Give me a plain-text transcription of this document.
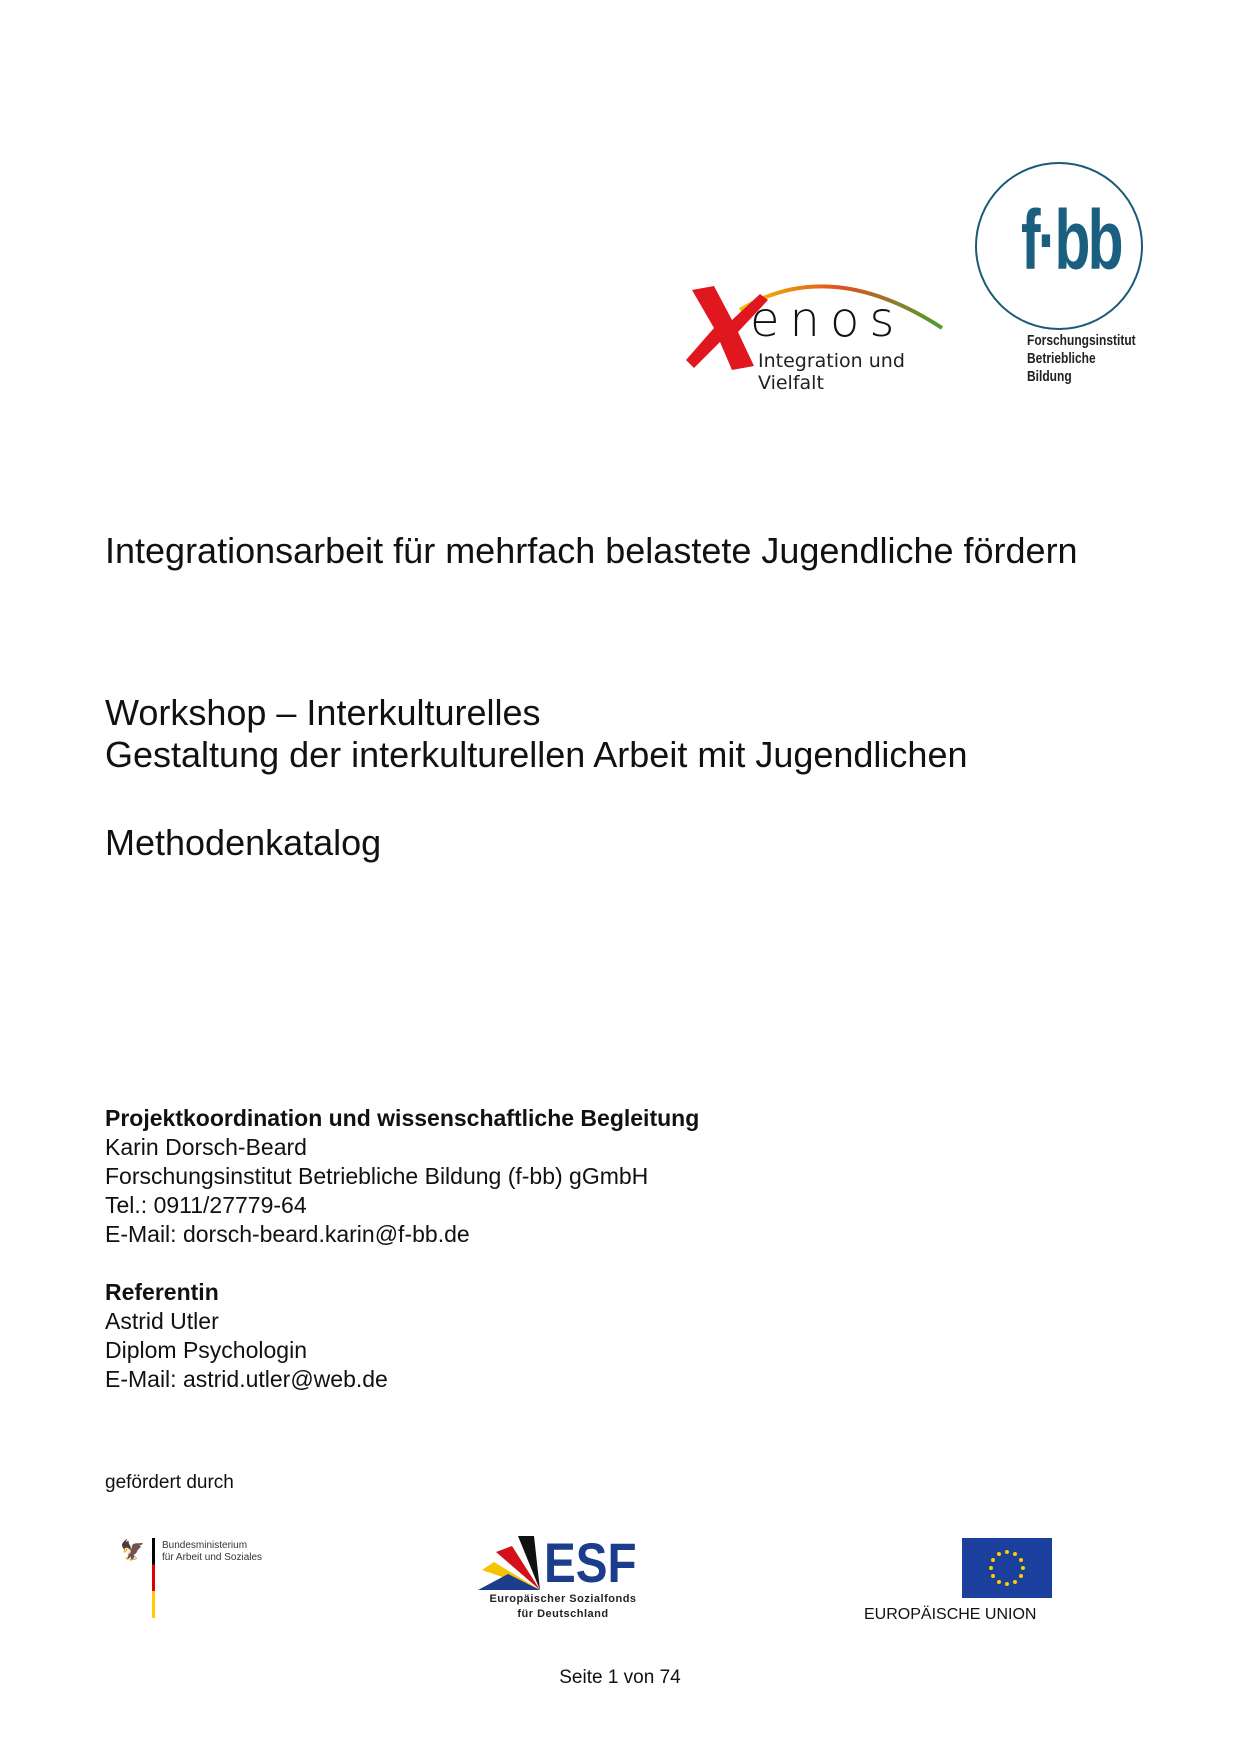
enos
Integration und Vielfalt
f·bb
Forschungsinstitut
Betriebliche Bildung
Integrationsarbeit für mehrfach belastete Jugendliche fördern
Workshop – Interkulturelles
Gestaltung der interkulturellen Arbeit mit Jugendlichen
Methodenkatalog
Projektkoordination und wissenschaftliche Begleitung
Karin Dorsch-Beard
Forschungsinstitut Betriebliche Bildung (f-bb) gGmbH
Tel.: 0911/27779-64
E-Mail: dorsch-beard.karin@f-bb.de
Referentin
Astrid Utler
Diplom Psychologin
E-Mail: astrid.utler@web.de
gefördert durch
🦅 Bundesministerium
für Arbeit und Soziales	ESF
Europäischer Sozialfonds
für Deutschland	EUROPÄISCHE UNION
Seite 1 von 74
